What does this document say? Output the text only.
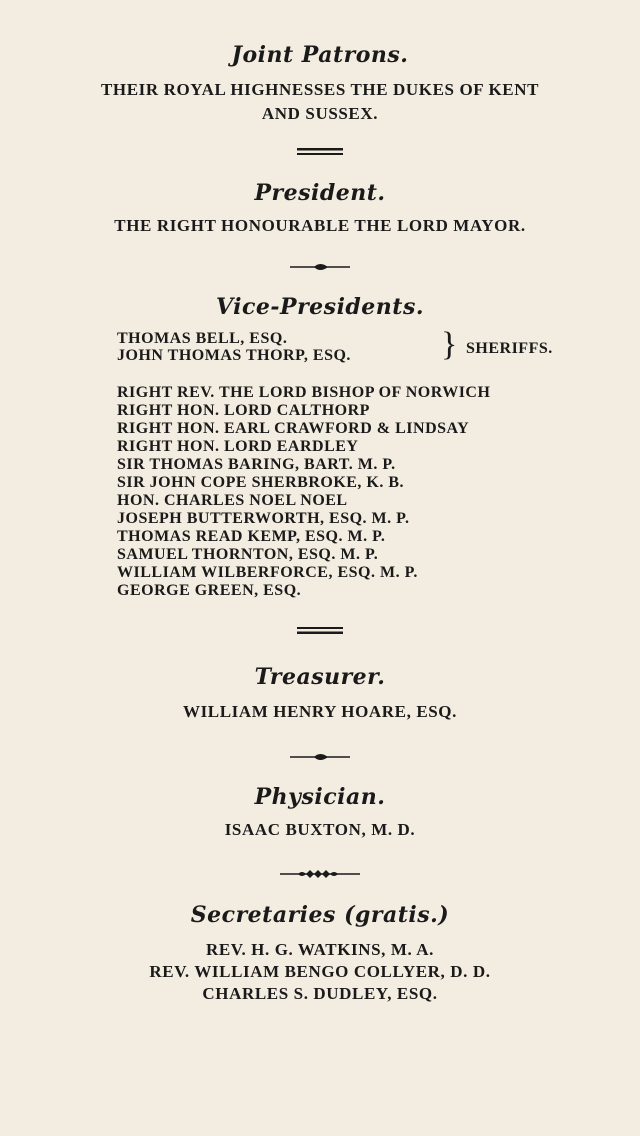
Joint Patrons.
THEIR ROYAL HIGHNESSES THE DUKES OF KENT
AND SUSSEX.
President.
THE RIGHT HONOURABLE THE LORD MAYOR.
Vice-Presidents.
THOMAS BELL, ESQ.
JOHN THOMAS THORP, ESQ.	} SHERIFFS.
RIGHT REV. THE LORD BISHOP OF NORWICH
RIGHT HON. LORD CALTHORP
RIGHT HON. EARL CRAWFORD & LINDSAY
RIGHT HON. LORD EARDLEY
SIR THOMAS BARING, BART. M. P.
SIR JOHN COPE SHERBROKE, K. B.
HON. CHARLES NOEL NOEL
JOSEPH BUTTERWORTH, ESQ. M. P.
THOMAS READ KEMP, ESQ. M. P.
SAMUEL THORNTON, ESQ. M. P.
WILLIAM WILBERFORCE, ESQ. M. P.
GEORGE GREEN, ESQ.
Treasurer.
WILLIAM HENRY HOARE, ESQ.
Physician.
ISAAC BUXTON, M. D.
Secretaries (gratis.)
REV. H. G. WATKINS, M. A.
REV. WILLIAM BENGO COLLYER, D. D.
CHARLES S. DUDLEY, ESQ.
